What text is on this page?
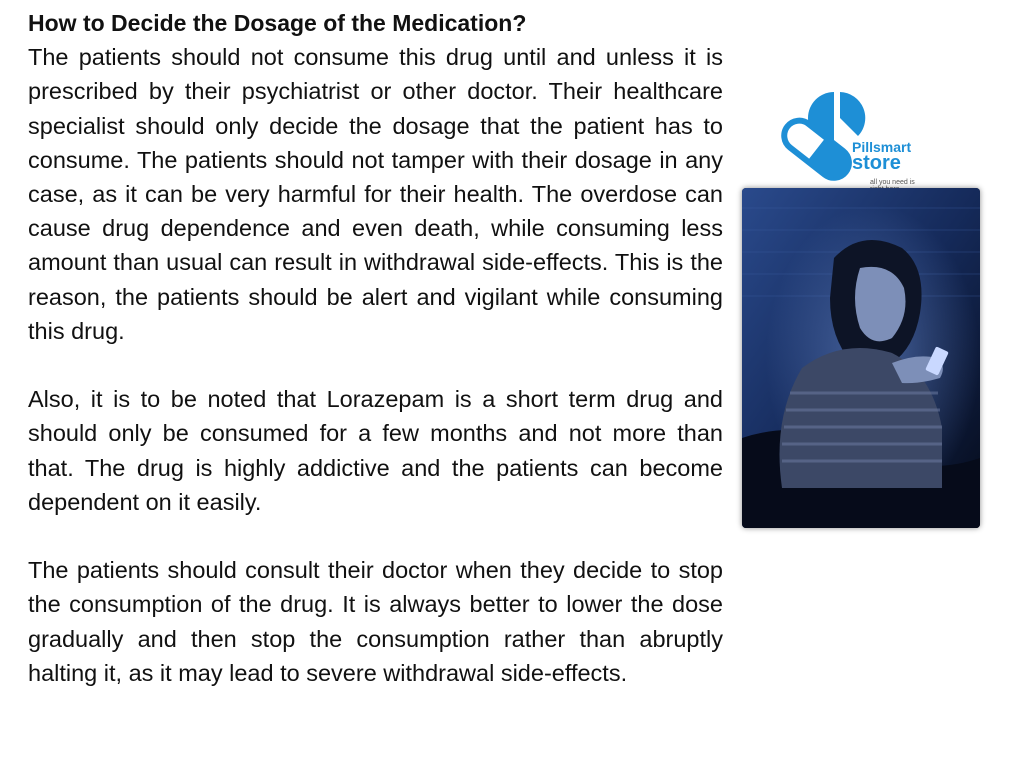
How to Decide the Dosage of the Medication?

The patients should not consume this drug until and unless it is prescribed by their psychiatrist or other doctor. Their healthcare specialist should only decide the dosage that the patient has to consume. The patients should not tamper with their dosage in any case, as it can be very harmful for their health. The overdose can cause drug dependence and even death, while consuming less amount than usual can result in withdrawal side-effects. This is the reason, the patients should be alert and vigilant while consuming this drug.

Also, it is to be noted that Lorazepam is a short term drug and should only be consumed for a few months and not more than that. The drug is highly addictive and the patients can become dependent on it easily.

The patients should consult their doctor when they decide to stop the consumption of the drug. It is always better to lower the dose gradually and then stop the consumption rather than abruptly halting it, as it may lead to severe withdrawal side-effects.

Pillsmart
store
all you need is
